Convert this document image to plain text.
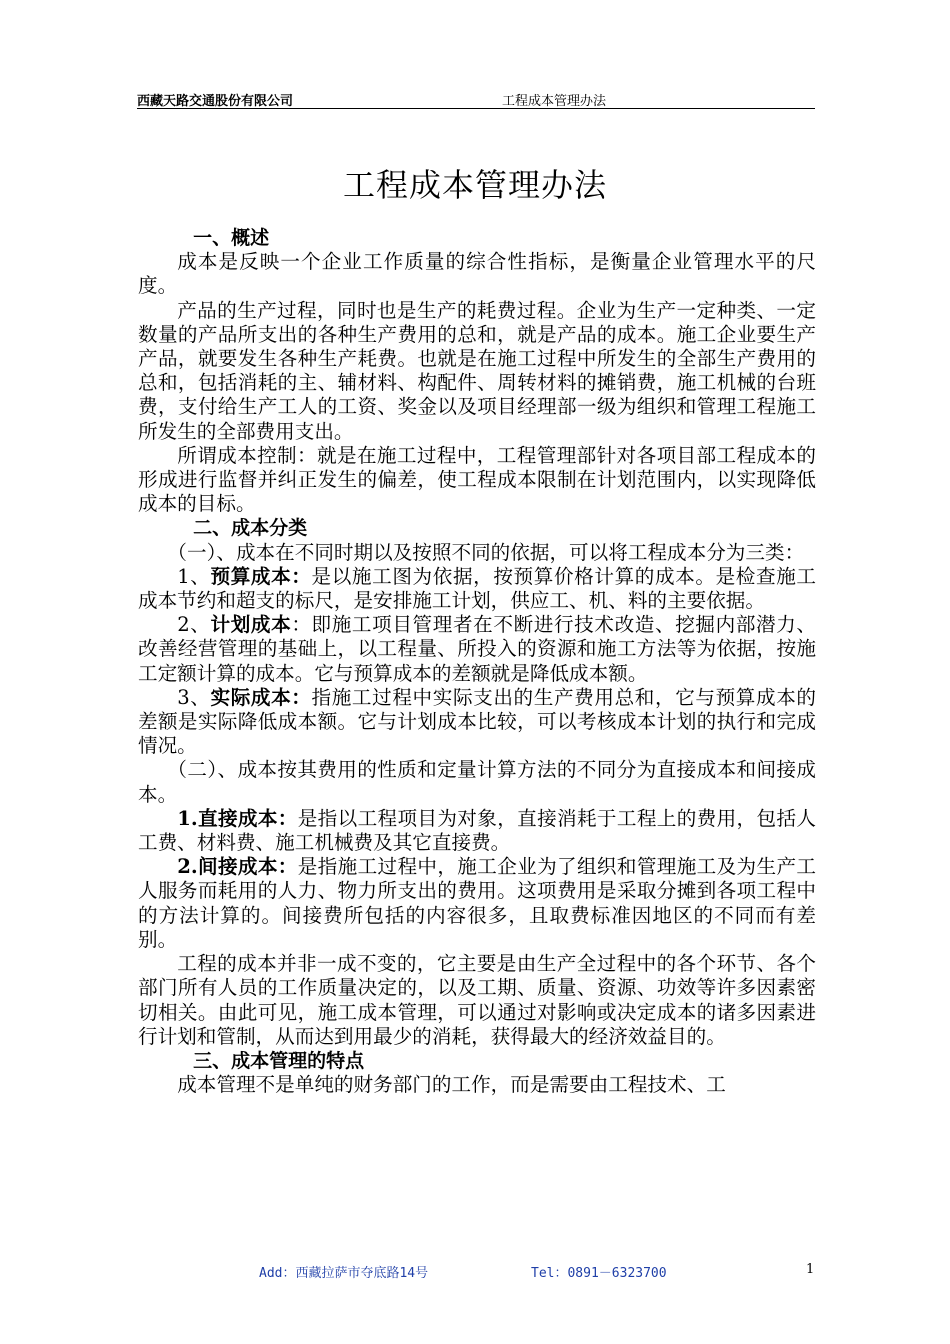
西藏天路交通股份有限公司	工程成本管理办法
工程成本管理办法

一、概述

成本是反映一个企业工作质量的综合性指标，是衡量企业管理水平的尺度。

产品的生产过程，同时也是生产的耗费过程。企业为生产一定种类、一定数量的产品所支出的各种生产费用的总和，就是产品的成本。施工企业要生产产品，就要发生各种生产耗费。也就是在施工过程中所发生的全部生产费用的总和，包括消耗的主、辅材料、构配件、周转材料的摊销费，施工机械的台班费，支付给生产工人的工资、奖金以及项目经理部一级为组织和管理工程施工所发生的全部费用支出。

所谓成本控制：就是在施工过程中，工程管理部针对各项目部工程成本的形成进行监督并纠正发生的偏差，使工程成本限制在计划范围内，以实现降低成本的目标。

二、成本分类

（一）、成本在不同时期以及按照不同的依据，可以将工程成本分为三类：

1、预算成本：是以施工图为依据，按预算价格计算的成本。是检查施工成本节约和超支的标尺，是安排施工计划，供应工、机、料的主要依据。

2、计划成本：即施工项目管理者在不断进行技术改造、挖掘内部潜力、改善经营管理的基础上，以工程量、所投入的资源和施工方法等为依据，按施工定额计算的成本。它与预算成本的差额就是降低成本额。

3、实际成本：指施工过程中实际支出的生产费用总和，它与预算成本的差额是实际降低成本额。它与计划成本比较，可以考核成本计划的执行和完成情况。

（二）、成本按其费用的性质和定量计算方法的不同分为直接成本和间接成本。

1.直接成本：是指以工程项目为对象，直接消耗于工程上的费用，包括人工费、材料费、施工机械费及其它直接费。

2.间接成本：是指施工过程中，施工企业为了组织和管理施工及为生产工人服务而耗用的人力、物力所支出的费用。这项费用是采取分摊到各项工程中的方法计算的。间接费所包括的内容很多，且取费标准因地区的不同而有差别。

工程的成本并非一成不变的，它主要是由生产全过程中的各个环节、各个部门所有人员的工作质量决定的，以及工期、质量、资源、功效等许多因素密切相关。由此可见，施工成本管理，可以通过对影响或决定成本的诸多因素进行计划和管制，从而达到用最少的消耗，获得最大的经济效益目的。

三、成本管理的特点

成本管理不是单纯的财务部门的工作，而是需要由工程技术、工

Add：西藏拉萨市夺底路14号	Tel：0891－6323700	1
